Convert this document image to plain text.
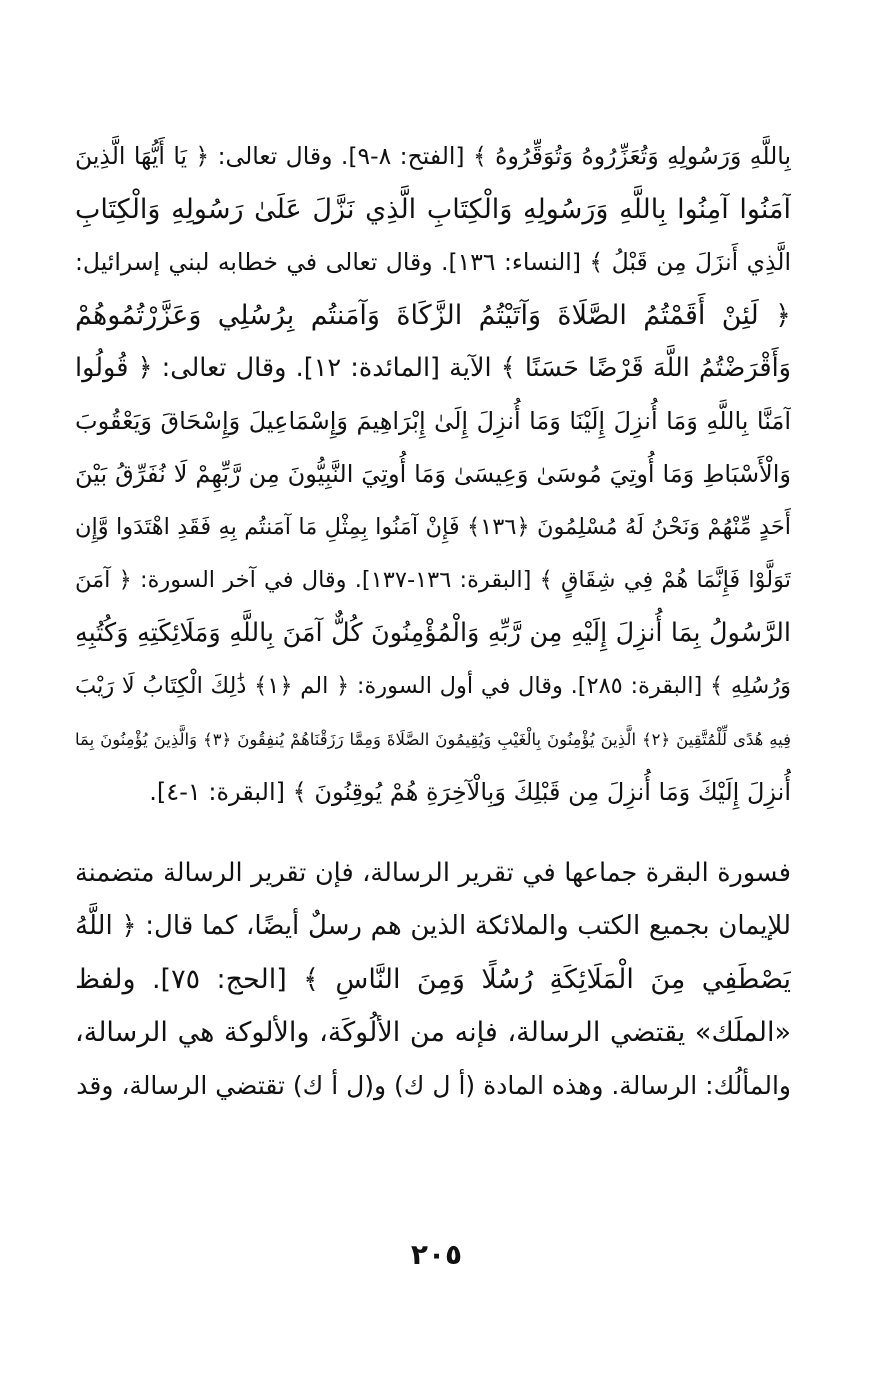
بِاللَّهِ وَرَسُولِهِ وَتُعَزِّرُوهُ وَتُوَقِّرُوهُ ﴾ [الفتح: ٨-٩]. وقال تعالى: ﴿ يَا أَيُّهَا الَّذِينَ
آمَنُوا آمِنُوا بِاللَّهِ وَرَسُولِهِ وَالْكِتَابِ الَّذِي نَزَّلَ عَلَىٰ رَسُولِهِ وَالْكِتَابِ
الَّذِي أَنزَلَ مِن قَبْلُ ﴾ [النساء: ١٣٦]. وقال تعالى في خطابه لبني إسرائيل:
﴿ لَئِنْ أَقَمْتُمُ الصَّلَاةَ وَآتَيْتُمُ الزَّكَاةَ وَآمَنتُم بِرُسُلِي وَعَزَّرْتُمُوهُمْ
وَأَقْرَضْتُمُ اللَّهَ قَرْضًا حَسَنًا ﴾ الآية [المائدة: ١٢]. وقال تعالى: ﴿ قُولُوا
آمَنَّا بِاللَّهِ وَمَا أُنزِلَ إِلَيْنَا وَمَا أُنزِلَ إِلَىٰ إِبْرَاهِيمَ وَإِسْمَاعِيلَ وَإِسْحَاقَ وَيَعْقُوبَ
وَالْأَسْبَاطِ وَمَا أُوتِيَ مُوسَىٰ وَعِيسَىٰ وَمَا أُوتِيَ النَّبِيُّونَ مِن رَّبِّهِمْ لَا نُفَرِّقُ بَيْنَ
أَحَدٍ مِّنْهُمْ وَنَحْنُ لَهُ مُسْلِمُونَ ﴿١٣٦﴾ فَإِنْ آمَنُوا بِمِثْلِ مَا آمَنتُم بِهِ فَقَدِ اهْتَدَوا وَّإِن
تَوَلَّوْا فَإِنَّمَا هُمْ فِي شِقَاقٍ ﴾ [البقرة: ١٣٦-١٣٧]. وقال في آخر السورة: ﴿ آمَنَ
الرَّسُولُ بِمَا أُنزِلَ إِلَيْهِ مِن رَّبِّهِ وَالْمُؤْمِنُونَ كُلٌّ آمَنَ بِاللَّهِ وَمَلَائِكَتِهِ وَكُتُبِهِ
وَرُسُلِهِ ﴾ [البقرة: ٢٨٥]. وقال في أول السورة: ﴿ الم ﴿١﴾ ذَٰلِكَ الْكِتَابُ لَا رَيْبَ
فِيهِ هُدًى لِّلْمُتَّقِينَ ﴿٢﴾ الَّذِينَ يُؤْمِنُونَ بِالْغَيْبِ وَيُقِيمُونَ الصَّلَاةَ وَمِمَّا رَزَقْنَاهُمْ يُنفِقُونَ ﴿٣﴾ وَالَّذِينَ يُؤْمِنُونَ بِمَا
أُنزِلَ إِلَيْكَ وَمَا أُنزِلَ مِن قَبْلِكَ وَبِالْآخِرَةِ هُمْ يُوقِنُونَ ﴾ [البقرة: ١-٤].
فسورة البقرة جماعها في تقرير الرسالة، فإن تقرير الرسالة متضمنة
للإيمان بجميع الكتب والملائكة الذين هم رسلٌ أيضًا، كما قال: ﴿ اللَّهُ
يَصْطَفِي مِنَ الْمَلَائِكَةِ رُسُلًا وَمِنَ النَّاسِ ﴾ [الحج: ٧٥]. ولفظ
«الملَك» يقتضي الرسالة، فإنه من الألُوكَة، والألوكة هي الرسالة،
والمألُك: الرسالة. وهذه المادة (أ ل ك) و(ل أ ك) تقتضي الرسالة، وقد
٢٠٥
